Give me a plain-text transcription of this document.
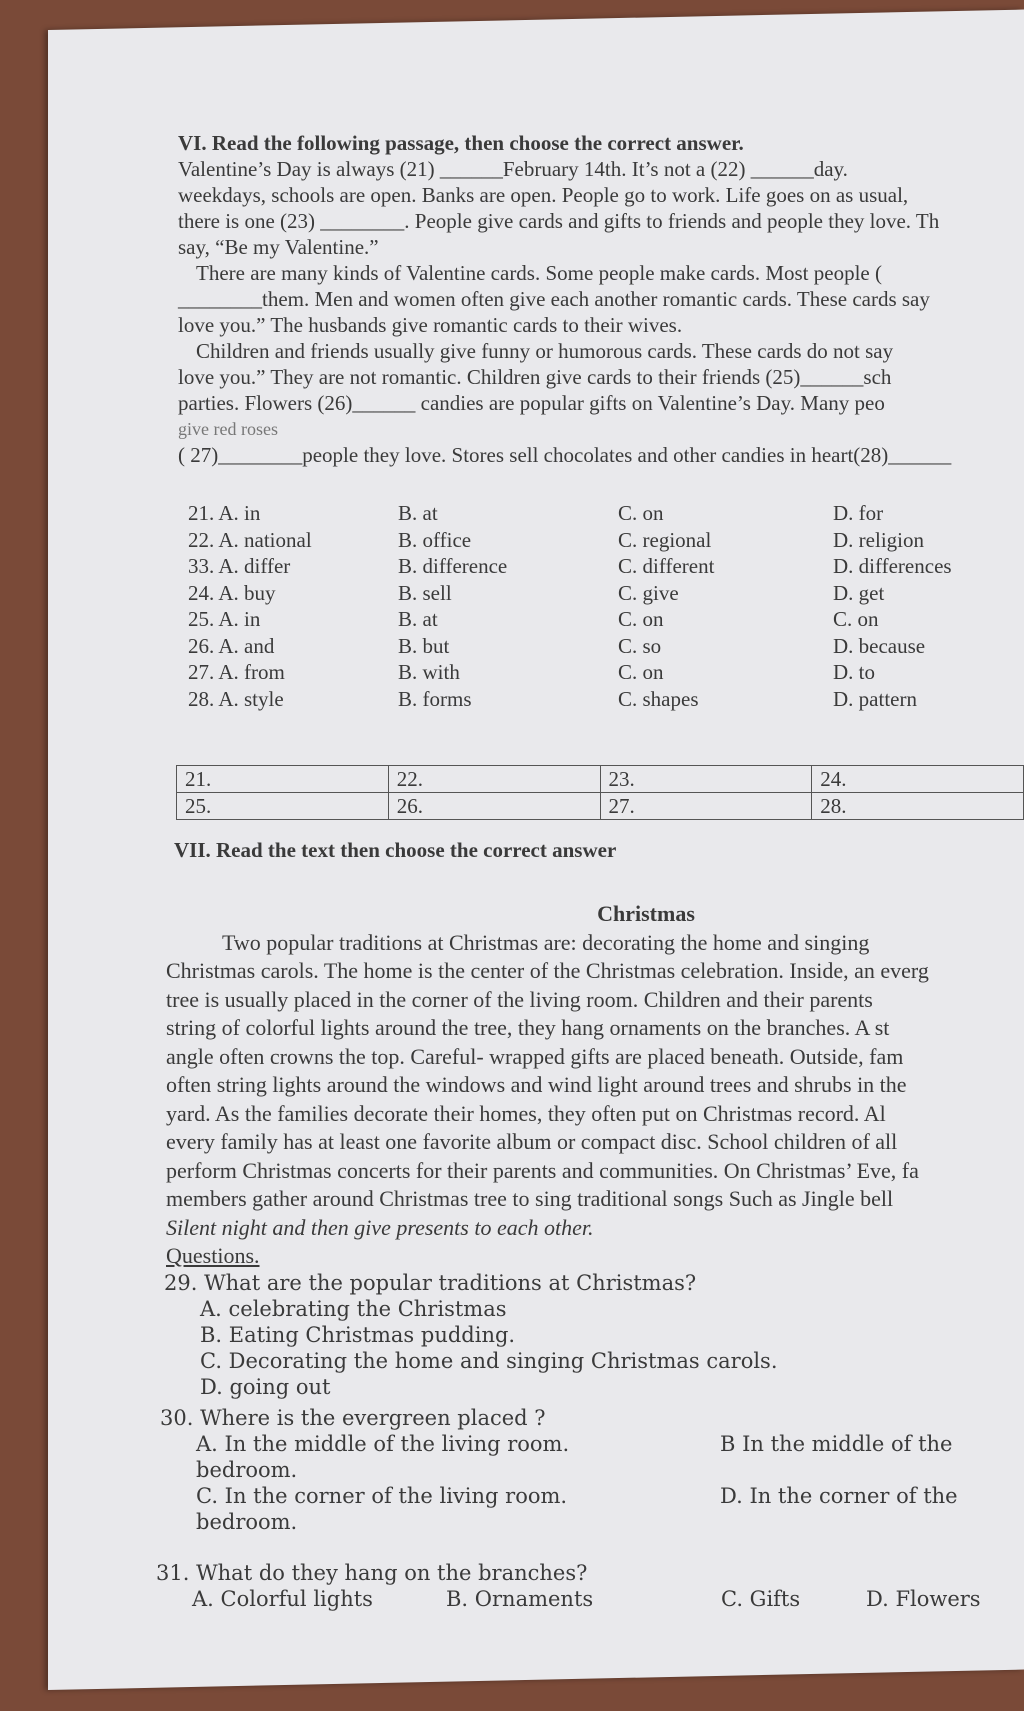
VI. Read the following passage, then choose the correct answer.
Valentine’s Day is always (21) ______February 14th. It’s not a (22) ______day.
weekdays, schools are open. Banks are open. People go to work. Life goes on as usual,
there is one (23) ________. People give cards and gifts to friends and people they love. Th
say, “Be my Valentine.”
There are many kinds of Valentine cards. Some people make cards. Most people (
________them. Men and women often give each another romantic cards. These cards say
love you.” The husbands give romantic cards to their wives.
Children and friends usually give funny or humorous cards. These cards do not say
love you.” They are not romantic. Children give cards to their friends (25)______sch
parties. Flowers (26)______ candies are popular gifts on Valentine’s Day. Many peo
give red roses
( 27)________people they love. Stores sell chocolates and other candies in heart(28)______
21. A. in	B. at	C. on	D. for
22. A. national	B. office	C. regional	D. religion
33. A. differ	B. difference	C. different	D. differences
24. A. buy	B. sell	C. give	D. get
25. A. in	B. at	C. on	C. on
26. A. and	B. but	C. so	D. because
27. A. from	B. with	C. on	D. to
28. A. style	B. forms	C. shapes	D. pattern
21.	22.	23.	24.
25.	26.	27.	28.
VII. Read the text then choose the correct answer
Christmas
Two popular traditions at Christmas are: decorating the home and singing
Christmas carols. The home is the center of the Christmas celebration. Inside, an everg
tree is usually placed in the corner of the living room. Children and their parents
string of colorful lights around the tree, they hang ornaments on the branches. A st
angle often crowns the top. Careful- wrapped gifts are placed beneath. Outside, fam
often string lights around the windows and wind light around trees and shrubs in the
yard. As the families decorate their homes, they often put on Christmas record. Al
every family has at least one favorite album or compact disc. School children of all
perform Christmas concerts for their parents and communities. On Christmas’ Eve, fa
members gather around Christmas tree to sing traditional songs Such as Jingle bell
Silent night and then give presents to each other.
Questions.
29. What are the popular traditions at Christmas?
A. celebrating the Christmas
B. Eating Christmas pudding.
C. Decorating the home and singing Christmas carols.
D. going out
30. Where is the evergreen placed ?
A. In the middle of the living room.	B In the middle of the
bedroom.
C. In the corner of the living room.	D. In the corner of the
bedroom.
31. What do they hang on the branches?
A. Colorful lights	B. Ornaments	C. Gifts	D. Flowers
